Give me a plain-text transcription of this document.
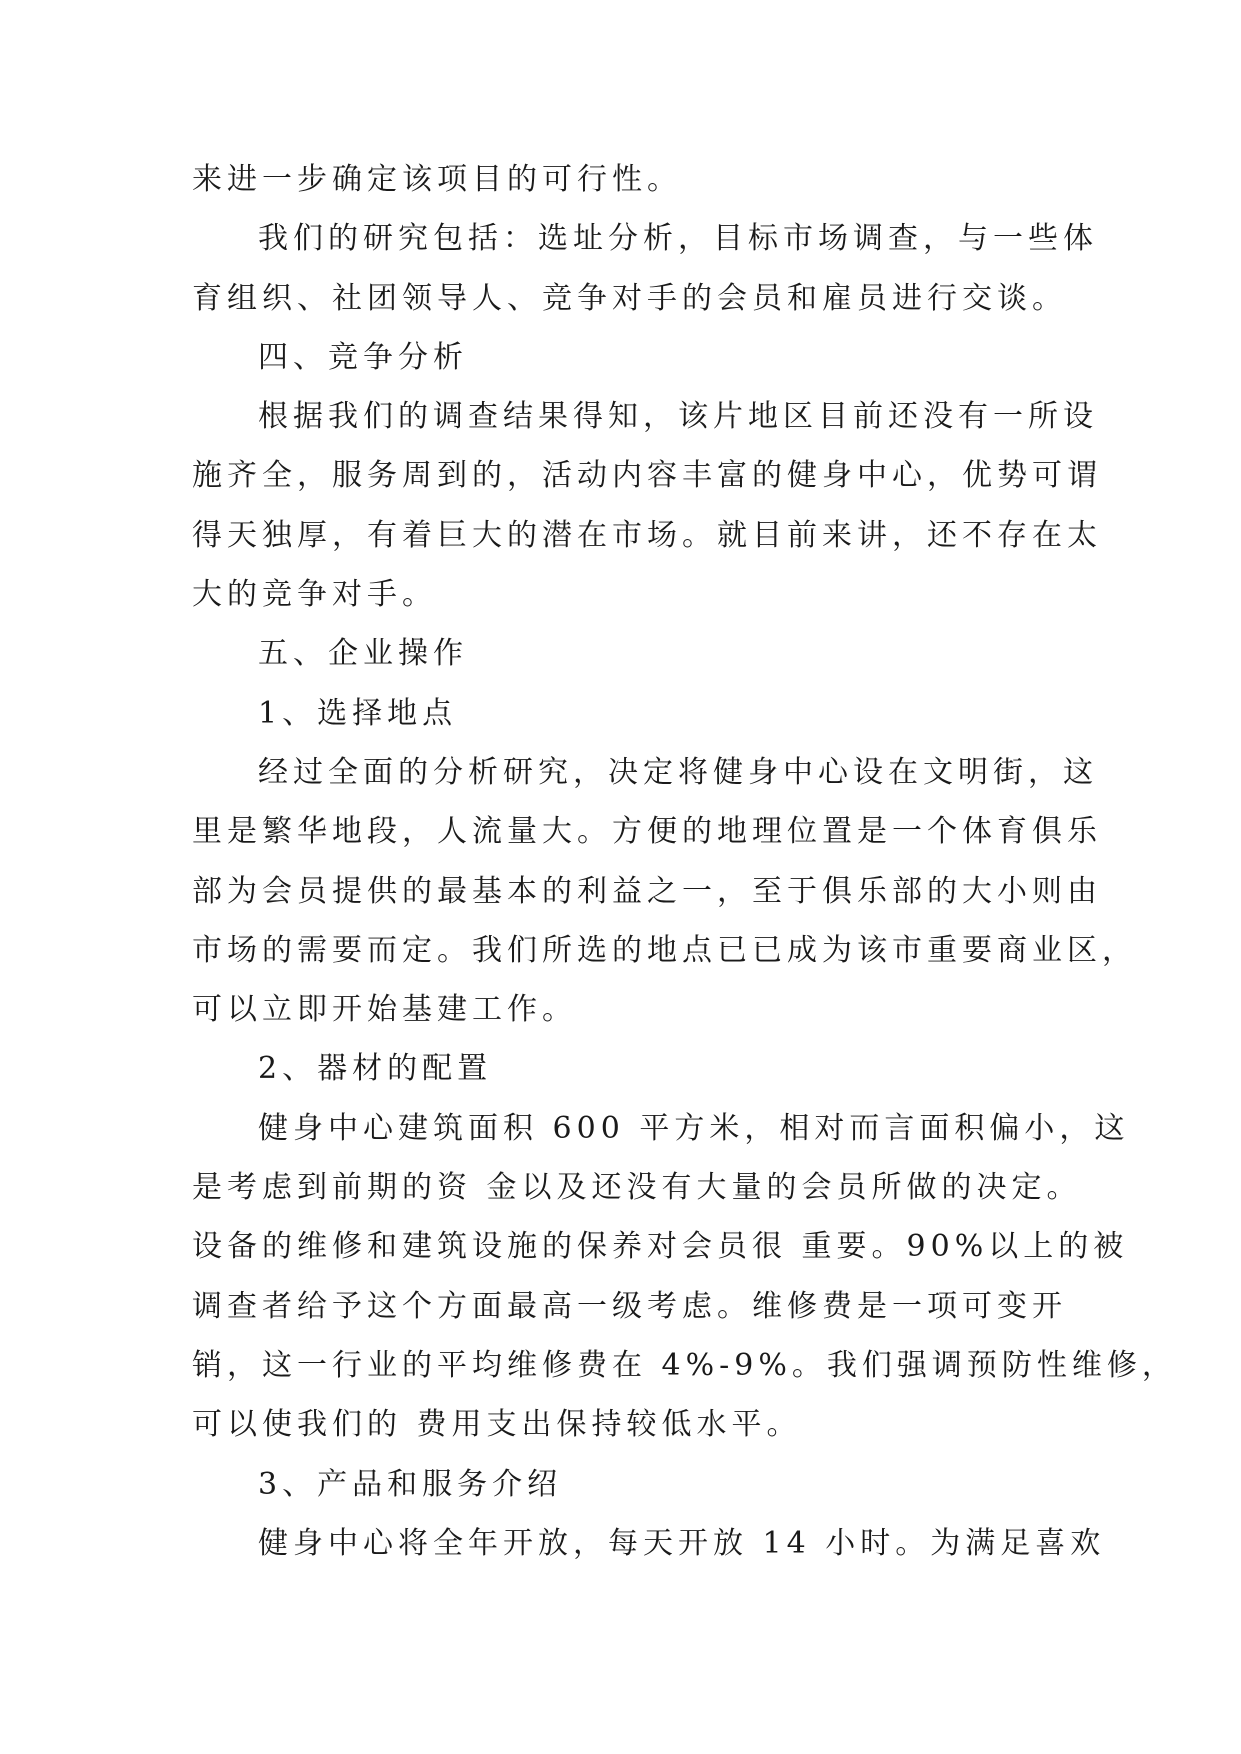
来进一步确定该项目的可行性。
我们的研究包括：选址分析，目标市场调查，与一些体
育组织、社团领导人、竞争对手的会员和雇员进行交谈。
四、竞争分析
根据我们的调查结果得知，该片地区目前还没有一所设
施齐全，服务周到的，活动内容丰富的健身中心，优势可谓
得天独厚，有着巨大的潜在市场。就目前来讲，还不存在太
大的竞争对手。
五、企业操作
1、选择地点
经过全面的分析研究，决定将健身中心设在文明街，这
里是繁华地段，人流量大。方便的地理位置是一个体育俱乐
部为会员提供的最基本的利益之一，至于俱乐部的大小则由
市场的需要而定。我们所选的地点已已成为该市重要商业区，
可以立即开始基建工作。
2、器材的配置
健身中心建筑面积 600 平方米，相对而言面积偏小，这
是考虑到前期的资 金以及还没有大量的会员所做的决定。
设备的维修和建筑设施的保养对会员很 重要。90%以上的被
调查者给予这个方面最高一级考虑。维修费是一项可变开
销，这一行业的平均维修费在 4%-9%。我们强调预防性维修，
可以使我们的 费用支出保持较低水平。
3、产品和服务介绍
健身中心将全年开放，每天开放 14 小时。为满足喜欢
